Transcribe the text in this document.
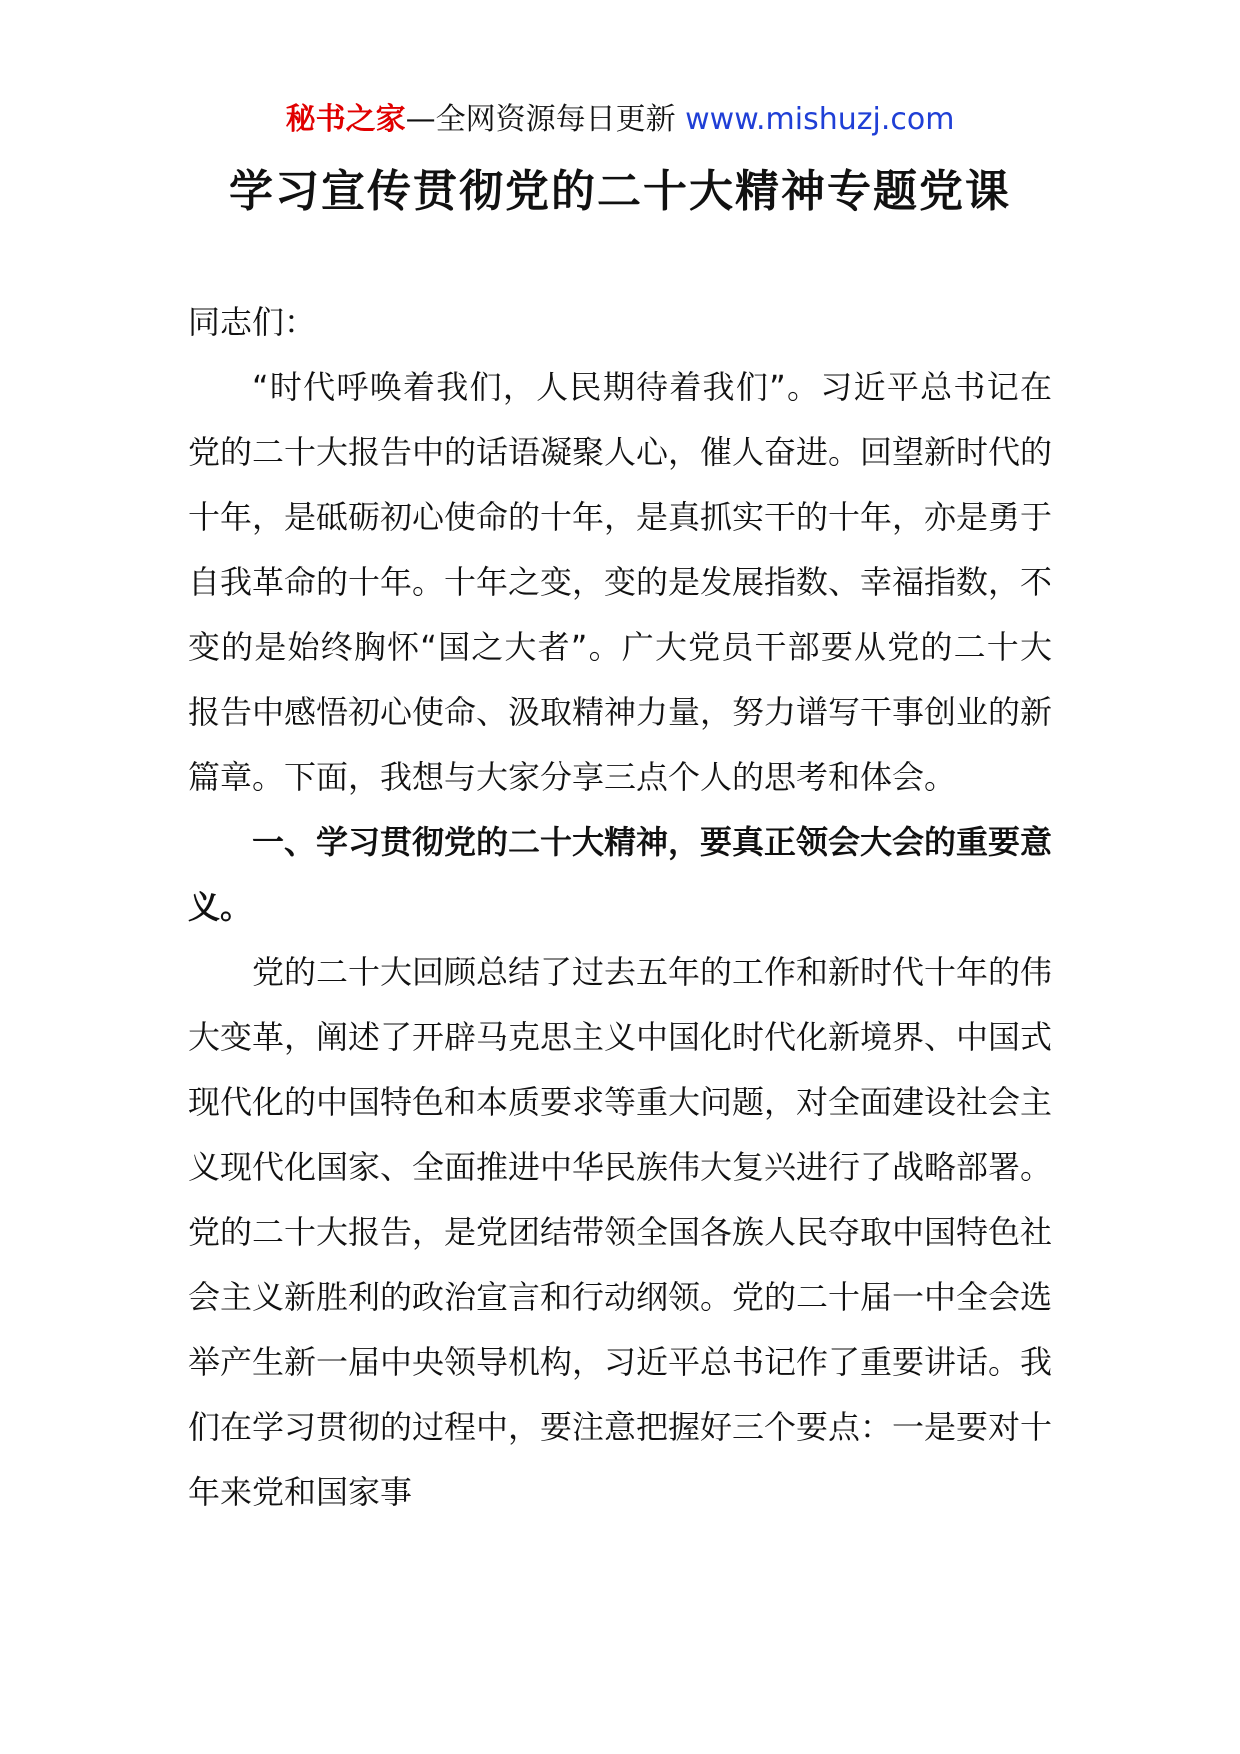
秘书之家—全网资源每日更新 www.mishuzj.com
学习宣传贯彻党的二十大精神专题党课

同志们：

“时代呼唤着我们，人民期待着我们”。习近平总书记在党的二十大报告中的话语凝聚人心，催人奋进。回望新时代的十年，是砥砺初心使命的十年，是真抓实干的十年，亦是勇于自我革命的十年。十年之变，变的是发展指数、幸福指数，不变的是始终胸怀“国之大者”。广大党员干部要从党的二十大报告中感悟初心使命、汲取精神力量，努力谱写干事创业的新篇章。下面，我想与大家分享三点个人的思考和体会。

一、学习贯彻党的二十大精神，要真正领会大会的重要意义。

党的二十大回顾总结了过去五年的工作和新时代十年的伟大变革，阐述了开辟马克思主义中国化时代化新境界、中国式现代化的中国特色和本质要求等重大问题，对全面建设社会主义现代化国家、全面推进中华民族伟大复兴进行了战略部署。党的二十大报告，是党团结带领全国各族人民夺取中国特色社会主义新胜利的政治宣言和行动纲领。党的二十届一中全会选举产生新一届中央领导机构，习近平总书记作了重要讲话。我们在学习贯彻的过程中，要注意把握好三个要点：一是要对十年来党和国家事
